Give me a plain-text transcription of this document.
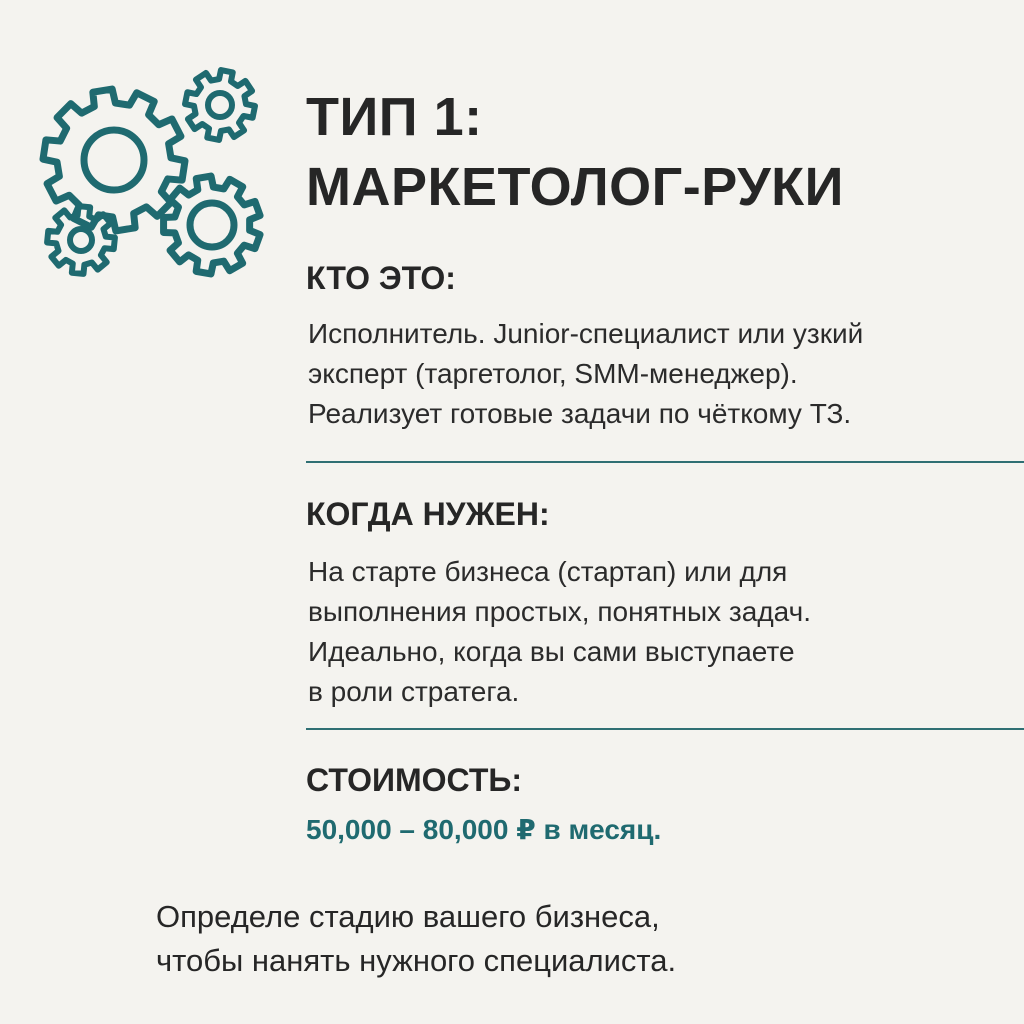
ТИП 1:
МАРКЕТОЛОГ-РУКИ
КТО ЭТО:

Исполнитель. Junior-специалист или узкий
эксперт (таргетолог, SMM-менеджер).
Реализует готовые задачи по чёткому ТЗ.

КОГДА НУЖЕН:

На старте бизнеса (стартап) или для
выполнения простых, понятных задач.
Идеально, когда вы сами выступаете
в роли стратега.

СТОИМОСТЬ:

50,000 – 80,000 ₽ в месяц.

Определе стадию вашего бизнеса,
чтобы нанять нужного специалиста.
